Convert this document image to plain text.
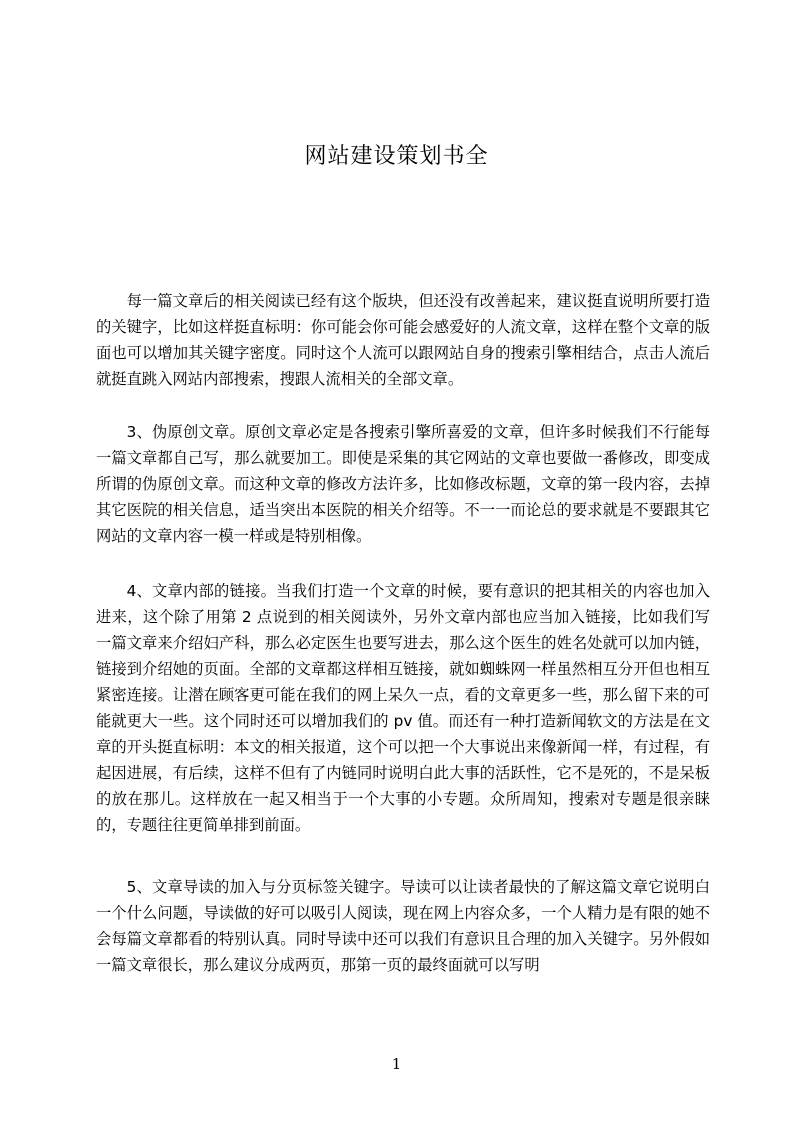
网站建设策划书全
每一篇文章后的相关阅读已经有这个版块，但还没有改善起来，建议挺直说明所要打造的关键字，比如这样挺直标明：你可能会你可能会感爱好的人流文章，这样在整个文章的版面也可以增加其关键字密度。同时这个人流可以跟网站自身的搜索引擎相结合，点击人流后就挺直跳入网站内部搜索，搜跟人流相关的全部文章。
3、伪原创文章。原创文章必定是各搜索引擎所喜爱的文章，但许多时候我们不行能每一篇文章都自己写，那么就要加工。即使是采集的其它网站的文章也要做一番修改，即变成所谓的伪原创文章。而这种文章的修改方法许多，比如修改标题，文章的第一段内容，去掉其它医院的相关信息，适当突出本医院的相关介绍等。不一一而论总的要求就是不要跟其它网站的文章内容一模一样或是特别相像。
4、文章内部的链接。当我们打造一个文章的时候，要有意识的把其相关的内容也加入进来，这个除了用第 2 点说到的相关阅读外，另外文章内部也应当加入链接，比如我们写一篇文章来介绍妇产科，那么必定医生也要写进去，那么这个医生的姓名处就可以加内链，链接到介绍她的页面。全部的文章都这样相互链接，就如蜘蛛网一样虽然相互分开但也相互紧密连接。让潜在顾客更可能在我们的网上呆久一点，看的文章更多一些，那么留下来的可能就更大一些。这个同时还可以增加我们的 pv 值。而还有一种打造新闻软文的方法是在文章的开头挺直标明：本文的相关报道，这个可以把一个大事说出来像新闻一样，有过程，有起因进展，有后续，这样不但有了内链同时说明白此大事的活跃性，它不是死的，不是呆板的放在那儿。这样放在一起又相当于一个大事的小专题。众所周知，搜索对专题是很亲睐的，专题往往更简单排到前面。
5、文章导读的加入与分页标签关键字。导读可以让读者最快的了解这篇文章它说明白一个什么问题，导读做的好可以吸引人阅读，现在网上内容众多，一个人精力是有限的她不会每篇文章都看的特别认真。同时导读中还可以我们有意识且合理的加入关键字。另外假如一篇文章很长，那么建议分成两页，那第一页的最终面就可以写明
1
